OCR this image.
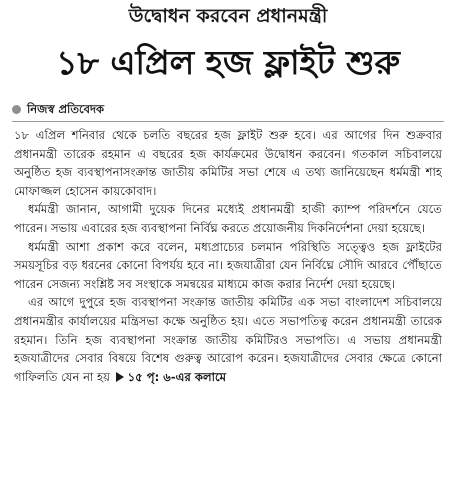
উদ্বোধন করবেন প্রধানমন্ত্রী
১৮ এপ্রিল হজ ফ্লাইট শুরু
নিজস্ব প্রতিবেদক

১৮ এপ্রিল শনিবার থেকে চলতি বছরের হজ ফ্লাইট শুরু হবে। এর আগের দিন শুক্রবার প্রধানমন্ত্রী তারেক রহমান এ বছরের হজ কার্যক্রমের উদ্বোধন করবেন। গতকাল সচিবালয়ে অনুষ্ঠিত হজ ব্যবস্থাপনাসংক্রান্ত জাতীয় কমিটির সভা শেষে এ তথ্য জানিয়েছেন ধর্মমন্ত্রী শাহ মোফাজ্জল হোসেন কায়কোবাদ।

ধর্মমন্ত্রী জানান, আগামী দুয়েক দিনের মধ্যেই প্রধানমন্ত্রী হাজী ক্যাম্প পরিদর্শনে যেতে পারেন। সভায় এবারের হজ ব্যবস্থাপনা নির্বিঘ্ন করতে প্রয়োজনীয় দিকনির্দেশনা দেয়া হয়েছে।

ধর্মমন্ত্রী আশা প্রকাশ করে বলেন, মধ্যপ্রাচ্যের চলমান পরিস্থিতি সত্ত্বেও হজ ফ্লাইটের সময়সূচির বড় ধরনের কোনো বিপর্যয় হবে না। হজযাত্রীরা যেন নির্বিঘ্নে সৌদি আরবে পৌঁছাতে পারেন সেজন্য সংশ্লিষ্ট সব সংস্থাকে সমন্বয়ের মাধ্যমে কাজ করার নির্দেশ দেয়া হয়েছে।

এর আগে দুপুরে হজ ব্যবস্থাপনা সংক্রান্ত জাতীয় কমিটির এক সভা বাংলাদেশ সচিবালয়ে প্রধানমন্ত্রীর কার্যালয়ের মন্ত্রিসভা কক্ষে অনুষ্ঠিত হয়। এতে সভাপতিত্ব করেন প্রধানমন্ত্রী তারেক রহমান। তিনি হজ ব্যবস্থাপনা সংক্রান্ত জাতীয় কমিটিরও সভাপতি। এ সভায় প্রধানমন্ত্রী হজযাত্রীদের সেবার বিষয়ে বিশেষ গুরুত্ব আরোপ করেন। হজযাত্রীদের সেবার ক্ষেত্রে কোনো গাফিলতি যেন না হয় ১৫ পৃ: ৬-এর কলামে
